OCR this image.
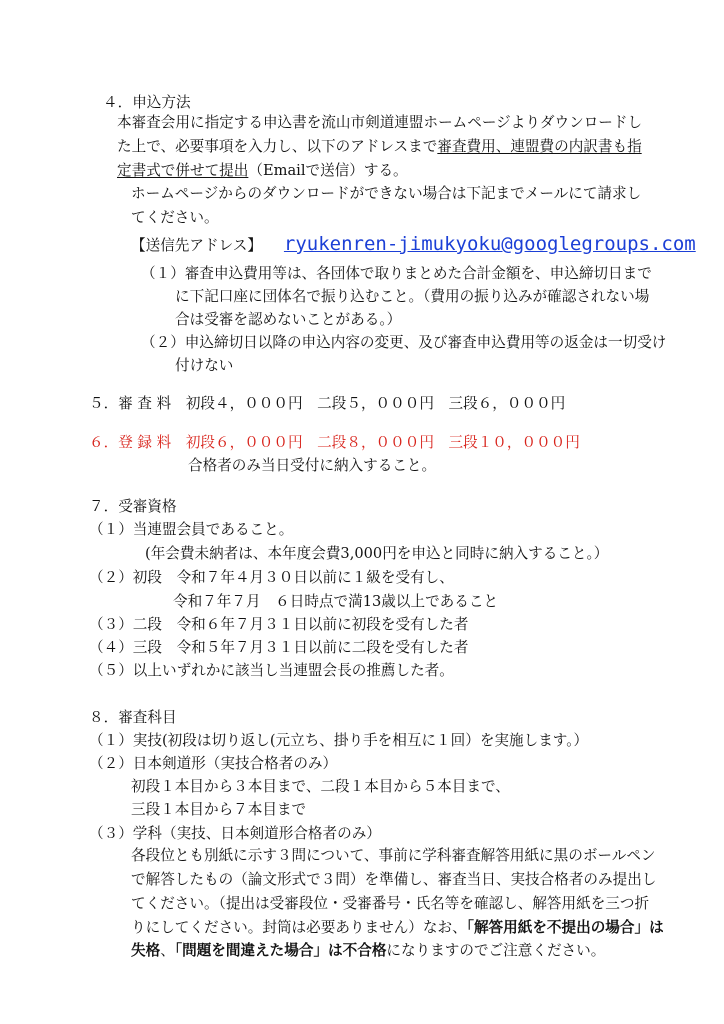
４．申込方法
本審査会用に指定する申込書を流山市剣道連盟ホームページよりダウンロードし
た上で、必要事項を入力し、以下のアドレスまで審査費用、連盟費の内訳書も指
定書式で併せて提出（Emailで送信）する。
ホームページからのダウンロードができない場合は下記までメールにて請求し
てください。
【送信先アドレス】 ryukenren-jimukyoku@googlegroups.com
（１）審査申込費用等は、各団体で取りまとめた合計金額を、申込締切日まで
に下記口座に団体名で振り込むこと。（費用の振り込みが確認されない場
合は受審を認めないことがある。）
（２）申込締切日以降の申込内容の変更、及び審査申込費用等の返金は一切受け
付けない
５．審 査 料　初段４，０００円　二段５，０００円　三段６，０００円
６．登 録 料　初段６，０００円　二段８，０００円　三段１０，０００円
合格者のみ当日受付に納入すること。
７．受審資格
（１）当連盟会員であること。
(年会費未納者は、本年度会費3,000円を申込と同時に納入すること。）
（２）初段　令和７年４月３０日以前に１級を受有し、
令和７年７月　６日時点で満13歳以上であること
（３）二段　令和６年７月３１日以前に初段を受有した者
（４）三段　令和５年７月３１日以前に二段を受有した者
（５）以上いずれかに該当し当連盟会長の推薦した者。
８．審査科目
（１）実技(初段は切り返し(元立ち、掛り手を相互に１回）を実施します。）
（２）日本剣道形（実技合格者のみ）
初段１本目から３本目まで、二段１本目から５本目まで、
三段１本目から７本目まで
（３）学科（実技、日本剣道形合格者のみ）
各段位とも別紙に示す３問について、事前に学科審査解答用紙に黒のボールペン
で解答したもの（論文形式で３問）を準備し、審査当日、実技合格者のみ提出し
てください。（提出は受審段位・受審番号・氏名等を確認し、解答用紙を三つ折
りにしてください。封筒は必要ありません）なお、「解答用紙を不提出の場合」は
失格、「問題を間違えた場合」は不合格になりますのでご注意ください。
